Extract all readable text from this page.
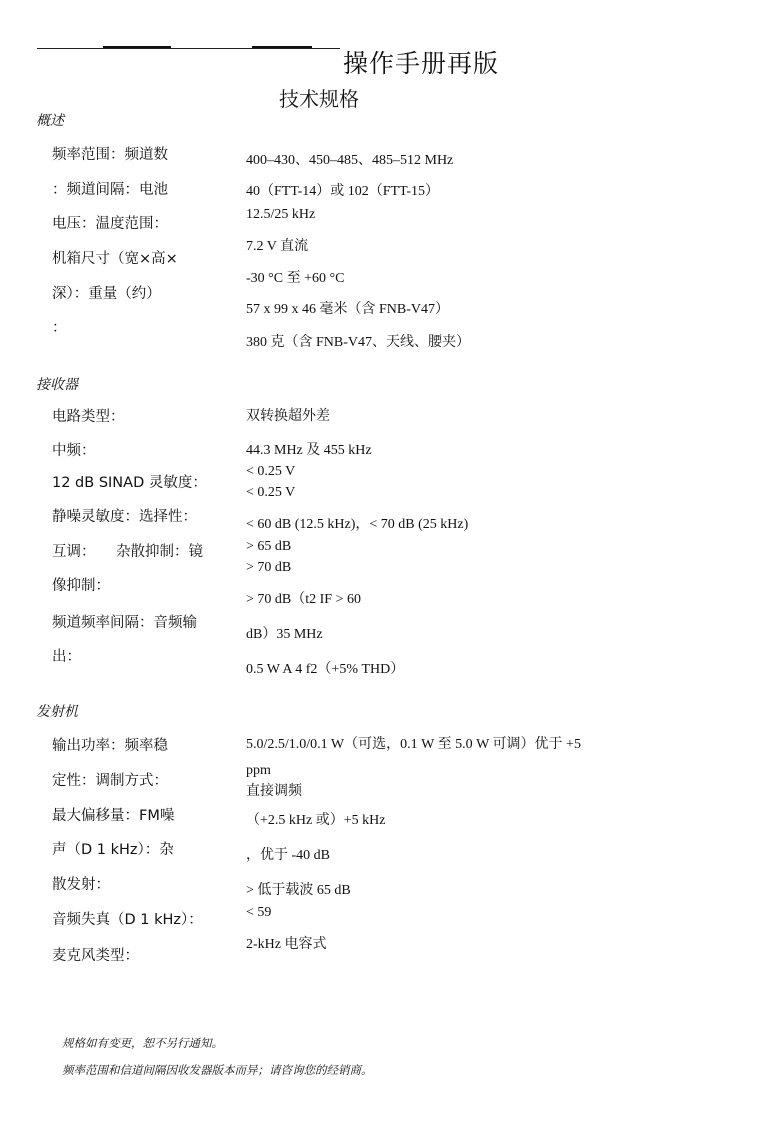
操作手册再版
技术规格
概述
频率范围：频道数
：频道间隔：电池
电压：温度范围：
机箱尺寸（宽×高×
深）：重量（约）
：
400–430、450–485、485–512 MHz
40（FTT-14）或 102（FTT-15）
12.5/25 kHz
7.2 V 直流
-30 °C 至 +60 °C
57 x 99 x 46 毫米（含 FNB-V47）
380 克（含 FNB-V47、天线、腰夹）
接收器
电路类型：
中频：
12 dB SINAD 灵敏度：
静噪灵敏度：选择性：
互调： 杂散抑制：镜
像抑制：
频道频率间隔：音频输
出：
双转换超外差
44.3 MHz 及 455 kHz
< 0.25 V
< 0.25 V
< 60 dB (12.5 kHz)，< 70 dB (25 kHz)
> 65 dB
> 70 dB
> 70 dB（t2 IF > 60
dB）35 MHz
0.5 W A 4 f2（+5% THD）
发射机
输出功率：频率稳
定性：调制方式：
最大偏移量：FM噪
声（D 1 kHz）：杂
散发射：
音频失真（D 1 kHz）：
麦克风类型：
5.0/2.5/1.0/0.1 W（可选，0.1 W 至 5.0 W 可调）优于 +5
ppm
直接调频
（+2.5 kHz 或）+5 kHz
，优于 -40 dB
> 低于载波 65 dB
< 59
2-kHz 电容式
规格如有变更，恕不另行通知。
频率范围和信道间隔因收发器版本而异；请咨询您的经销商。
